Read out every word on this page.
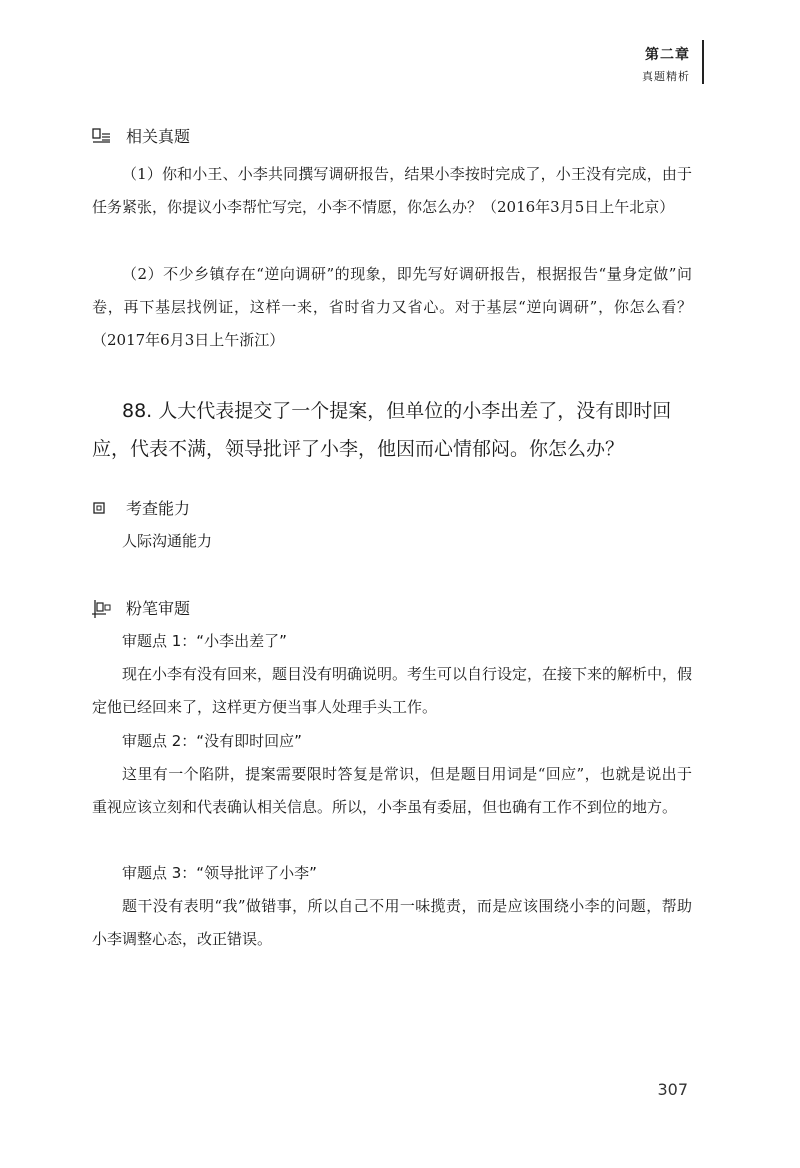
第二章
真题精析
相关真题
（1）你和小王、小李共同撰写调研报告，结果小李按时完成了，小王没有完成，由于任务紧张，你提议小李帮忙写完，小李不情愿，你怎么办？（2016年3月5日上午北京）
（2）不少乡镇存在“逆向调研”的现象，即先写好调研报告，根据报告“量身定做”问卷，再下基层找例证，这样一来，省时省力又省心。对于基层“逆向调研”，你怎么看？（2017年6月3日上午浙江）
88. 人大代表提交了一个提案，但单位的小李出差了，没有即时回应，代表不满，领导批评了小李，他因而心情郁闷。你怎么办？
考查能力
人际沟通能力
粉笔审题
审题点 1：“小李出差了”
现在小李有没有回来，题目没有明确说明。考生可以自行设定，在接下来的解析中，假定他已经回来了，这样更方便当事人处理手头工作。
审题点 2：“没有即时回应”
这里有一个陷阱，提案需要限时答复是常识，但是题目用词是“回应”，也就是说出于重视应该立刻和代表确认相关信息。所以，小李虽有委屈，但也确有工作不到位的地方。
审题点 3：“领导批评了小李”
题干没有表明“我”做错事，所以自己不用一味揽责，而是应该围绕小李的问题，帮助小李调整心态，改正错误。
307
